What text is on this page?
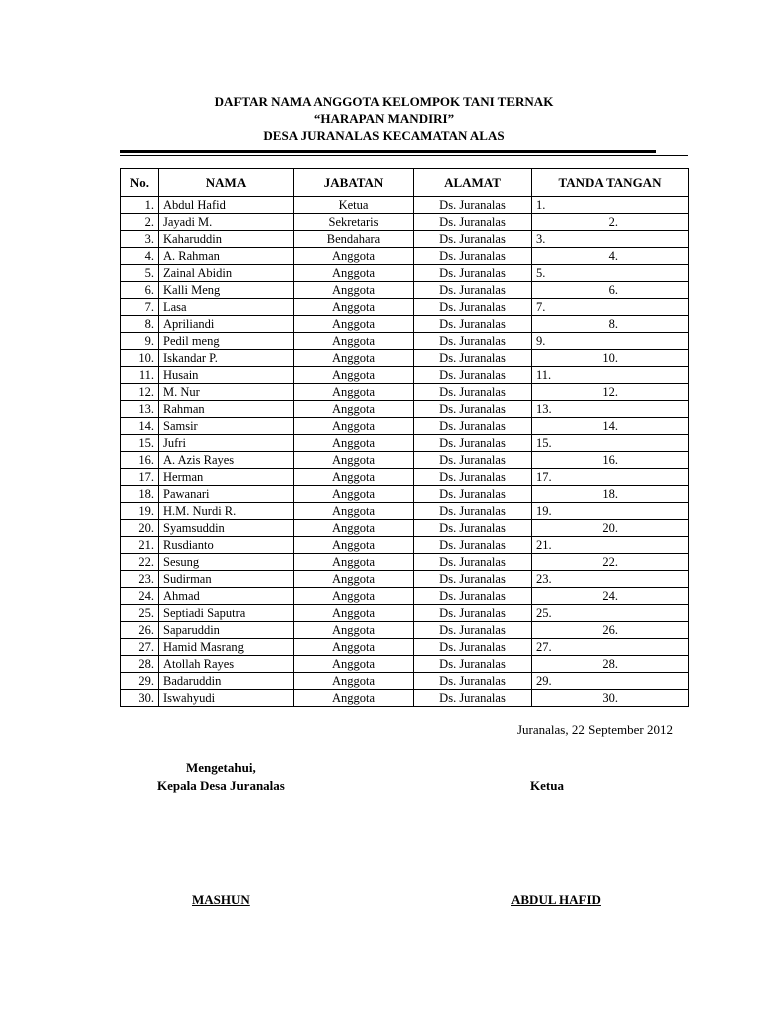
DAFTAR NAMA ANGGOTA KELOMPOK TANI TERNAK
“HARAPAN MANDIRI”
DESA JURANALAS KECAMATAN ALAS
No.	NAMA	JABATAN	ALAMAT	TANDA TANGAN
1.	Abdul Hafid	Ketua	Ds. Juranalas	1.
2.	Jayadi M.	Sekretaris	Ds. Juranalas	2.
3.	Kaharuddin	Bendahara	Ds. Juranalas	3.
4.	A. Rahman	Anggota	Ds. Juranalas	4.
5.	Zainal Abidin	Anggota	Ds. Juranalas	5.
6.	Kalli Meng	Anggota	Ds. Juranalas	6.
7.	Lasa	Anggota	Ds. Juranalas	7.
8.	Apriliandi	Anggota	Ds. Juranalas	8.
9.	Pedil meng	Anggota	Ds. Juranalas	9.
10.	Iskandar P.	Anggota	Ds. Juranalas	10.
11.	Husain	Anggota	Ds. Juranalas	11.
12.	M. Nur	Anggota	Ds. Juranalas	12.
13.	Rahman	Anggota	Ds. Juranalas	13.
14.	Samsir	Anggota	Ds. Juranalas	14.
15.	Jufri	Anggota	Ds. Juranalas	15.
16.	A. Azis Rayes	Anggota	Ds. Juranalas	16.
17.	Herman	Anggota	Ds. Juranalas	17.
18.	Pawanari	Anggota	Ds. Juranalas	18.
19.	H.M. Nurdi R.	Anggota	Ds. Juranalas	19.
20.	Syamsuddin	Anggota	Ds. Juranalas	20.
21.	Rusdianto	Anggota	Ds. Juranalas	21.
22.	Sesung	Anggota	Ds. Juranalas	22.
23.	Sudirman	Anggota	Ds. Juranalas	23.
24.	Ahmad	Anggota	Ds. Juranalas	24.
25.	Septiadi Saputra	Anggota	Ds. Juranalas	25.
26.	Saparuddin	Anggota	Ds. Juranalas	26.
27.	Hamid Masrang	Anggota	Ds. Juranalas	27.
28.	Atollah Rayes	Anggota	Ds. Juranalas	28.
29.	Badaruddin	Anggota	Ds. Juranalas	29.
30.	Iswahyudi	Anggota	Ds. Juranalas	30.
Juranalas, 22 September 2012
Mengetahui,
Kepala Desa Juranalas	Ketua
MASHUN	ABDUL HAFID
